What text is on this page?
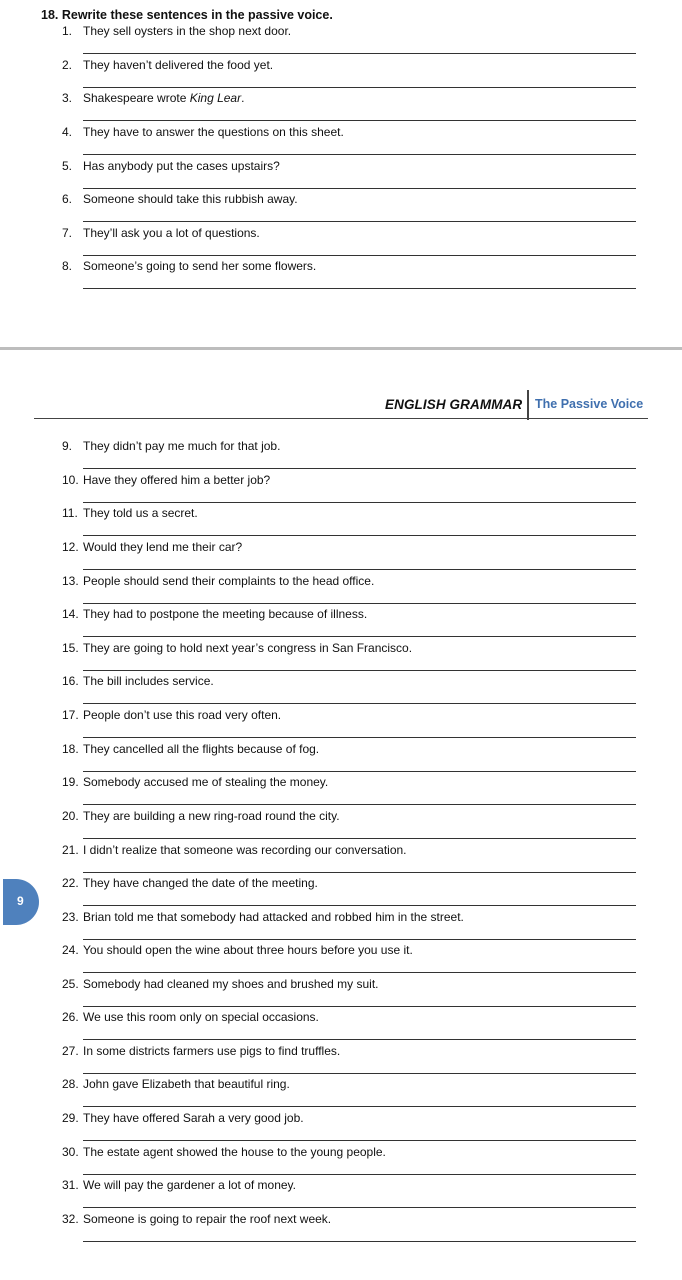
18. Rewrite these sentences in the passive voice.
1. They sell oysters in the shop next door.
2. They haven’t delivered the food yet.
3. Shakespeare wrote King Lear.
4. They have to answer the questions on this sheet.
5. Has anybody put the cases upstairs?
6. Someone should take this rubbish away.
7. They’ll ask you a lot of questions.
8. Someone’s going to send her some flowers.
ENGLISH GRAMMAR The Passive Voice
9. They didn’t pay me much for that job.
10. Have they offered him a better job?
11. They told us a secret.
12. Would they lend me their car?
13. People should send their complaints to the head office.
14. They had to postpone the meeting because of illness.
15. They are going to hold next year’s congress in San Francisco.
16. The bill includes service.
17. People don’t use this road very often.
18. They cancelled all the flights because of fog.
19. Somebody accused me of stealing the money.
20. They are building a new ring-road round the city.
21. I didn’t realize that someone was recording our conversation.
22. They have changed the date of the meeting.
23. Brian told me that somebody had attacked and robbed him in the street.
24. You should open the wine about three hours before you use it.
25. Somebody had cleaned my shoes and brushed my suit.
26. We use this room only on special occasions.
27. In some districts farmers use pigs to find truffles.
28. John gave Elizabeth that beautiful ring.
29. They have offered Sarah a very good job.
30. The estate agent showed the house to the young people.
31. We will pay the gardener a lot of money.
32. Someone is going to repair the roof next week.
9
